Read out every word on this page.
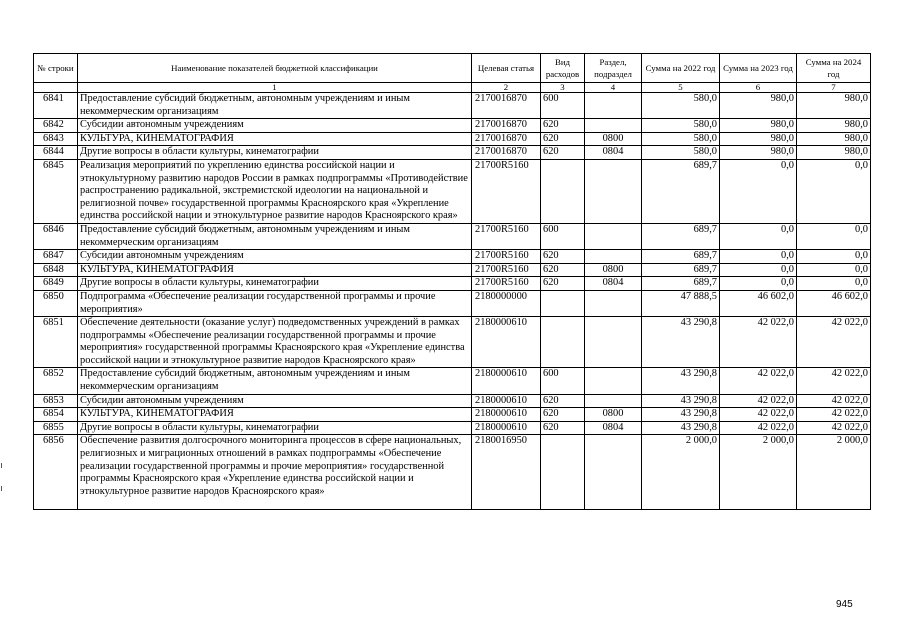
№ строки	Наименование показателей бюджетной классификации	Целевая статья	Вид расходов	Раздел, подраздел	Сумма на 2022 год	Сумма на 2023 год	Сумма на 2024 год
	1	2	3	4	5	6	7
6841	Предоставление субсидий бюджетным, автономным учреждениям и иным некоммерческим организациям	2170016870	600		580,0	980,0	980,0
6842	Субсидии автономным учреждениям	2170016870	620		580,0	980,0	980,0
6843	КУЛЬТУРА, КИНЕМАТОГРАФИЯ	2170016870	620	0800	580,0	980,0	980,0
6844	Другие вопросы в области культуры, кинематографии	2170016870	620	0804	580,0	980,0	980,0
6845	Реализация мероприятий по укреплению единства российской нации и этнокультурному развитию народов России в рамках подпрограммы «Противодействие распространению радикальной, экстремистской идеологии на национальной и религиозной почве» государственной программы Красноярского края «Укрепление единства российской нации и этнокультурное развитие народов Красноярского края»	21700R5160			689,7	0,0	0,0
6846	Предоставление субсидий бюджетным, автономным учреждениям и иным некоммерческим организациям	21700R5160	600		689,7	0,0	0,0
6847	Субсидии автономным учреждениям	21700R5160	620		689,7	0,0	0,0
6848	КУЛЬТУРА, КИНЕМАТОГРАФИЯ	21700R5160	620	0800	689,7	0,0	0,0
6849	Другие вопросы в области культуры, кинематографии	21700R5160	620	0804	689,7	0,0	0,0
6850	Подпрограмма «Обеспечение реализации государственной программы и прочие мероприятия»	2180000000			47 888,5	46 602,0	46 602,0
6851	Обеспечение деятельности (оказание услуг) подведомственных учреждений в рамках подпрограммы «Обеспечение реализации государственной программы и прочие мероприятия» государственной программы Красноярского края «Укрепление единства российской нации и этнокультурное развитие народов Красноярского края»	2180000610			43 290,8	42 022,0	42 022,0
6852	Предоставление субсидий бюджетным, автономным учреждениям и иным некоммерческим организациям	2180000610	600		43 290,8	42 022,0	42 022,0
6853	Субсидии автономным учреждениям	2180000610	620		43 290,8	42 022,0	42 022,0
6854	КУЛЬТУРА, КИНЕМАТОГРАФИЯ	2180000610	620	0800	43 290,8	42 022,0	42 022,0
6855	Другие вопросы в области культуры, кинематографии	2180000610	620	0804	43 290,8	42 022,0	42 022,0
6856	Обеспечение развития долгосрочного мониторинга процессов в сфере национальных, религиозных и миграционных отношений в рамках подпрограммы «Обеспечение реализации государственной программы и прочие мероприятия» государственной программы Красноярского края «Укрепление единства российской нации и этнокультурное развитие народов Красноярского края»	2180016950			2 000,0	2 000,0	2 000,0
945
